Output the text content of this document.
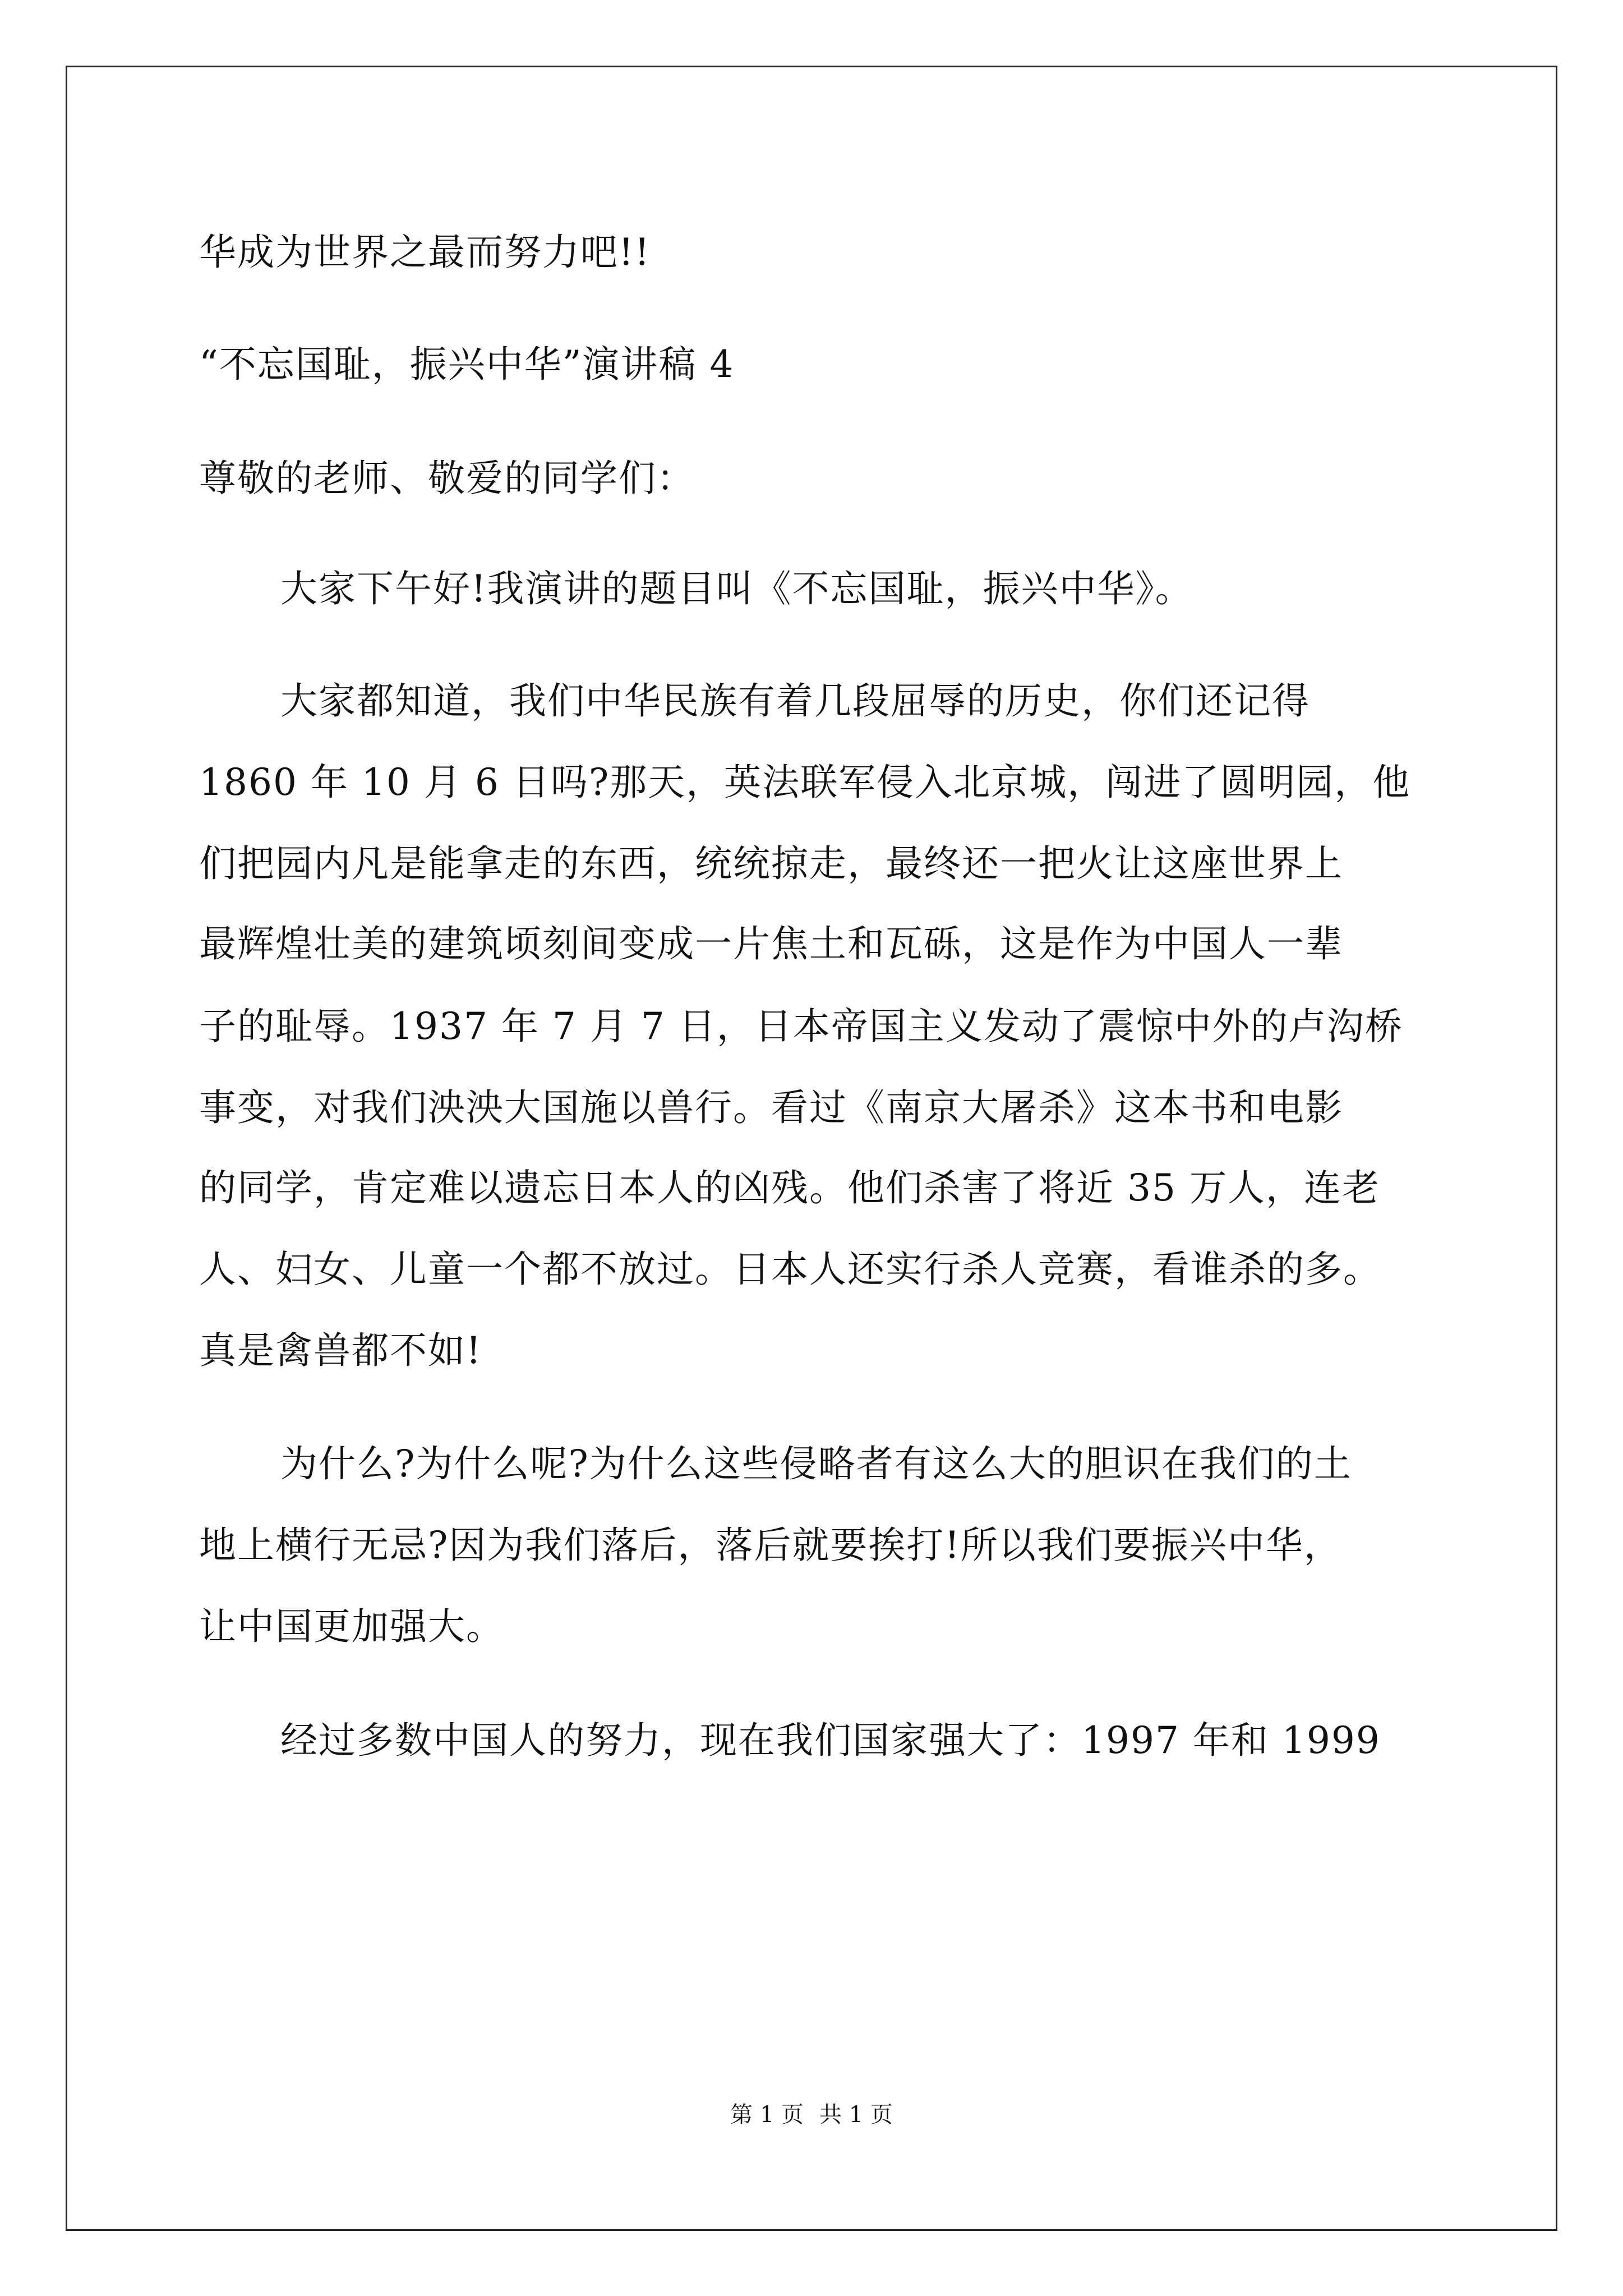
华成为世界之最而努力吧!!
“不忘国耻，振兴中华”演讲稿 4
尊敬的老师、敬爱的同学们：
大家下午好!我演讲的题目叫《不忘国耻，振兴中华》。
大家都知道，我们中华民族有着几段屈辱的历史，你们还记得
1860 年 10 月 6 日吗?那天，英法联军侵入北京城，闯进了圆明园，他
们把园内凡是能拿走的东西，统统掠走，最终还一把火让这座世界上
最辉煌壮美的建筑顷刻间变成一片焦土和瓦砾，这是作为中国人一辈
子的耻辱。1937 年 7 月 7 日，日本帝国主义发动了震惊中外的卢沟桥
事变，对我们泱泱大国施以兽行。看过《南京大屠杀》这本书和电影
的同学，肯定难以遗忘日本人的凶残。他们杀害了将近 35 万人，连老
人、妇女、儿童一个都不放过。日本人还实行杀人竞赛，看谁杀的多。
真是禽兽都不如!
为什么?为什么呢?为什么这些侵略者有这么大的胆识在我们的土
地上横行无忌?因为我们落后，落后就要挨打!所以我们要振兴中华，
让中国更加强大。
经过多数中国人的努力，现在我们国家强大了：1997 年和 1999
第 1 页 共 1 页
